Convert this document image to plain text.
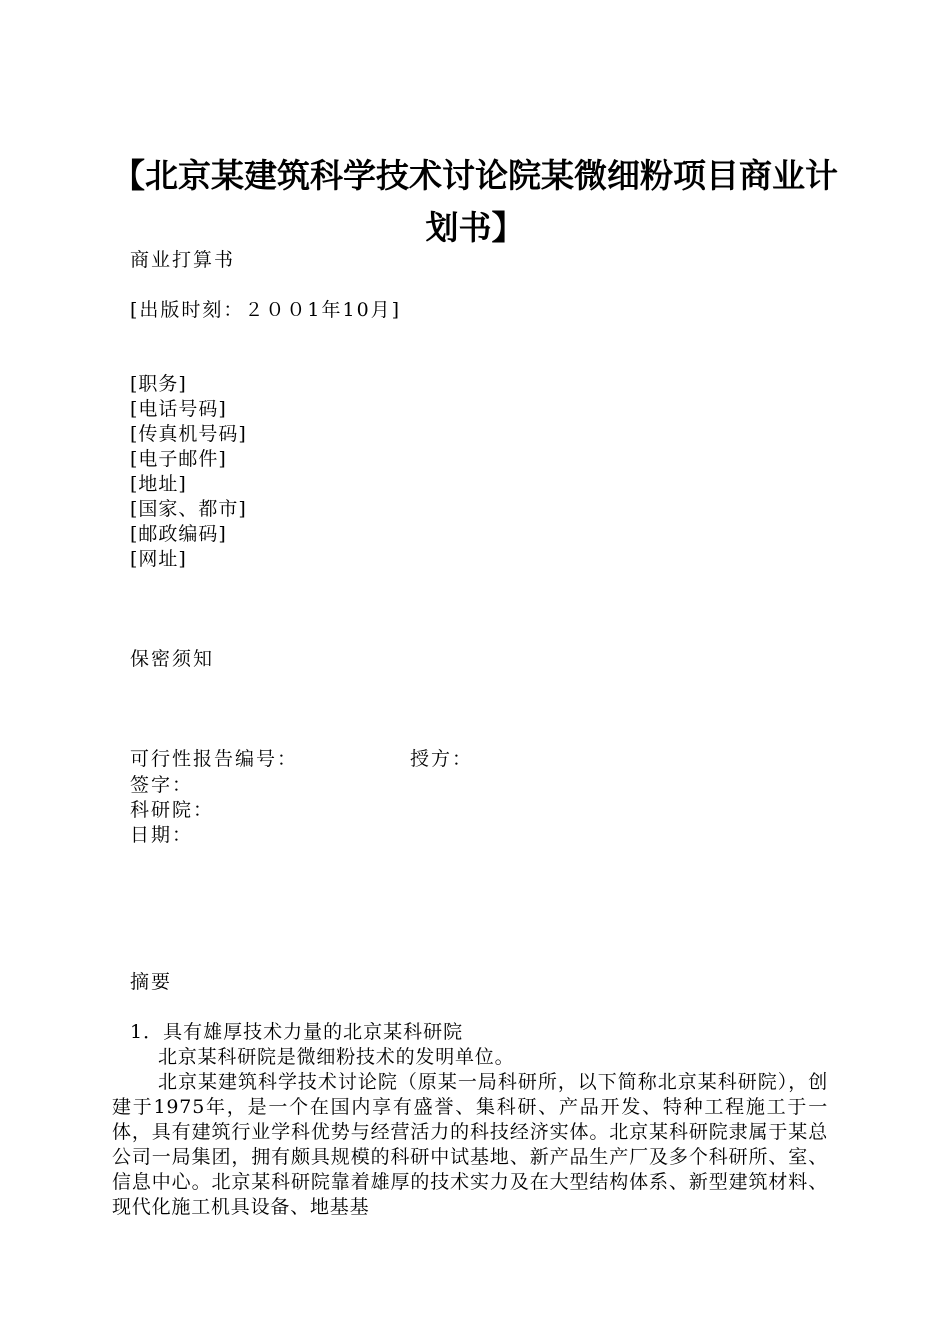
【北京某建筑科学技术讨论院某微细粉项目商业计划书】
商业打算书
[出版时刻：２００1年10月]
[职务]
[电话号码]
[传真机号码]
[电子邮件]
[地址]
[国家、都市]
[邮政编码]
[网址]
保密须知
可行性报告编号：	授方：
签字：
科研院：
日期：
摘要
1．具有雄厚技术力量的北京某科研院
北京某科研院是微细粉技术的发明单位。
北京某建筑科学技术讨论院（原某一局科研所，以下简称北京某科研院），创建于1975年，是一个在国内享有盛誉、集科研、产品开发、特种工程施工于一体，具有建筑行业学科优势与经营活力的科技经济实体。北京某科研院隶属于某总公司一局集团，拥有颇具规模的科研中试基地、新产品生产厂及多个科研所、室、信息中心。北京某科研院靠着雄厚的技术实力及在大型结构体系、新型建筑材料、现代化施工机具设备、地基基
